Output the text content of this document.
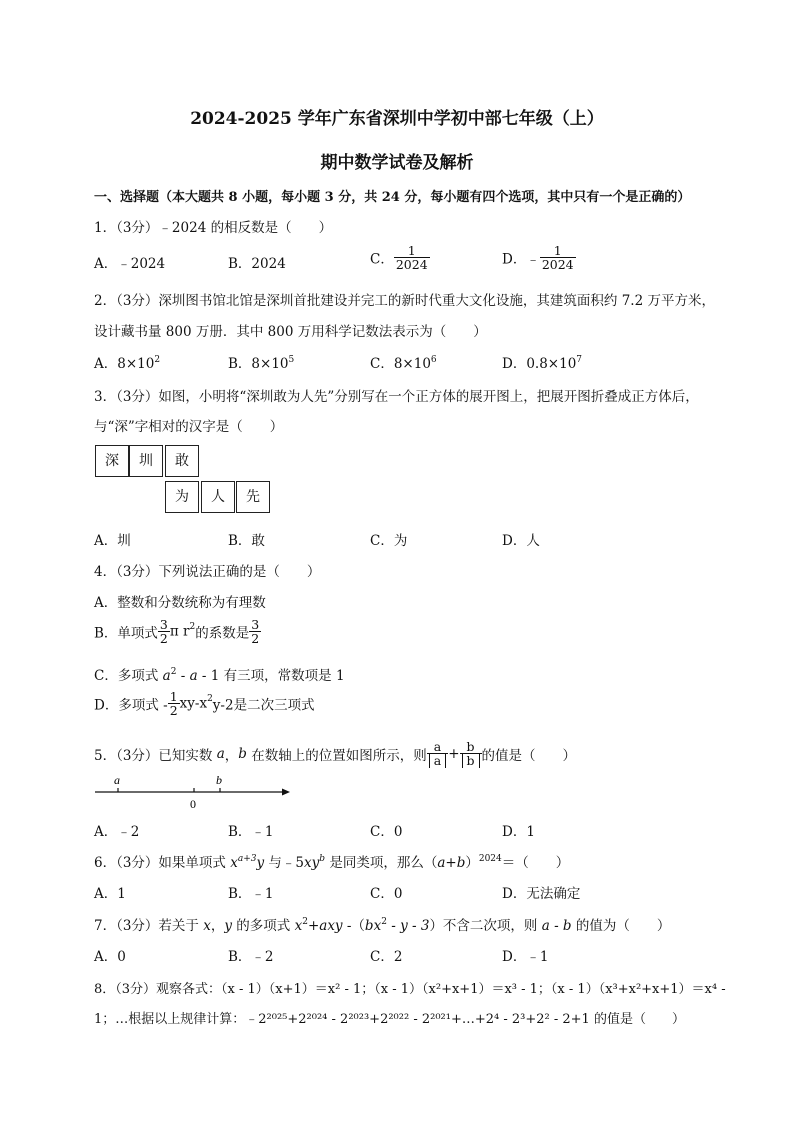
2024-2025 学年广东省深圳中学初中部七年级（上）
期中数学试卷及解析
一、选择题（本大题共 8 小题，每小题 3 分，共 24 分，每小题有四个选项，其中只有一个是正确的）
1．（3分）﹣2024 的相反数是（　　）
A．﹣2024	B．2024	C． $\frac{1}{2024}$	D．﹣ $\frac{1}{2024}$
2．（3分）深圳图书馆北馆是深圳首批建设并完工的新时代重大文化设施，其建筑面积约 7.2 万平方米，
设计藏书量 800 万册．其中 800 万用科学记数法表示为（　　）
A．$8\times 10^2$	B．$8\times 10^5$	C．$8\times 10^6$	D．$0.8\times 10^7$
3．（3分）如图，小明将“深圳敢为人先”分别写在一个正方体的展开图上，把展开图折叠成正方体后，
与“深”字相对的汉字是（　　）
深	圳	敢
为	人	先
A．圳	B．敢	C．为	D．人
4．（3分）下列说法正确的是（　　）
A．整数和分数统称为有理数
B．单项式 $\frac{3}{2}$ π $r^2$的系数是 $\frac{3}{2}$
C．多项式 $a^2$ - a - 1 有三项，常数项是 1
D．多项式 - $\frac{1}{2} xy-x^2y-2$是二次三项式
5．（3分）已知实数 a，b 在数轴上的位置如图所示，则 $\frac{a}{a} + \frac{b}{b}$ 的值是（　　）
a	b
0
A．﹣2	B．﹣1	C．0	D．1
6．（3分）如果单项式 $x^{a+3}y$ 与$﹣5xy^b$ 是同类项，那么$(a+b)^{2024}=$（　　）
A．1	B．﹣1	C．0	D．无法确定
7．（3分）若关于 x，y 的多项式 $x^2+axy$ $-(bx^2$ - y - 3）不含二次项，则 a - b 的值为（　　）
A．0	B．﹣2	C．2	D．﹣1
8．（3分）观察各式：（x - 1）（x+1）＝x² - 1；（x - 1）（x²+x+1）＝x³ - 1；（x - 1）（x³+x²+x+1）＝x⁴ -
1；…根据以上规律计算：﹣2²⁰²⁵+2²⁰²⁴ - 2²⁰²³+2²⁰²² - 2²⁰²¹+…+2⁴ - 2³+2² - 2+1 的值是（　　）
